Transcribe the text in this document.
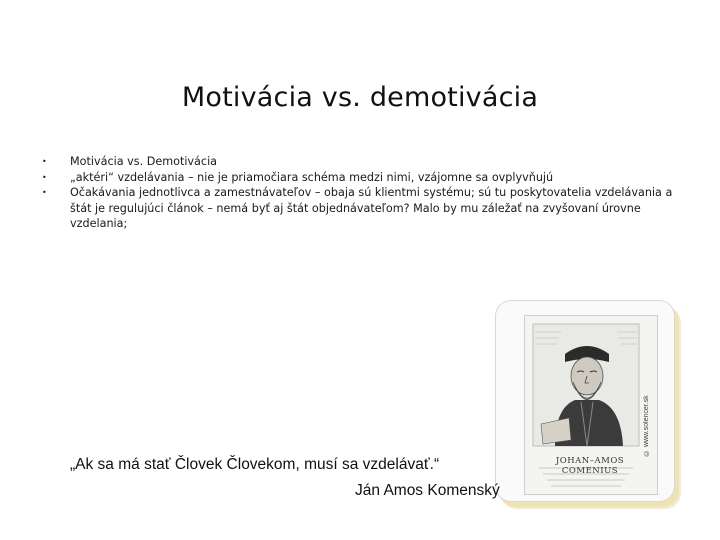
Motivácia vs. demotivácia
• Motivácia vs. Demotivácia
• „aktéri“ vzdelávania – nie je priamočiara schéma medzi nimi, vzájomne sa ovplyvňujú
• Očakávania jednotlivca a zamestnávateľov – obaja sú klientmi systému; sú tu poskytovatelia vzdelávania a štát je regulujúci článok – nemá byť aj štát objednávateľom? Malo by mu záležať na zvyšovaní úrovne vzdelania;
© www.solencer.sk
JOHAN–AMOS COMENIUS
„Ak sa má stať Človek Človekom, musí sa vzdelávať.“
Ján Amos Komenský
